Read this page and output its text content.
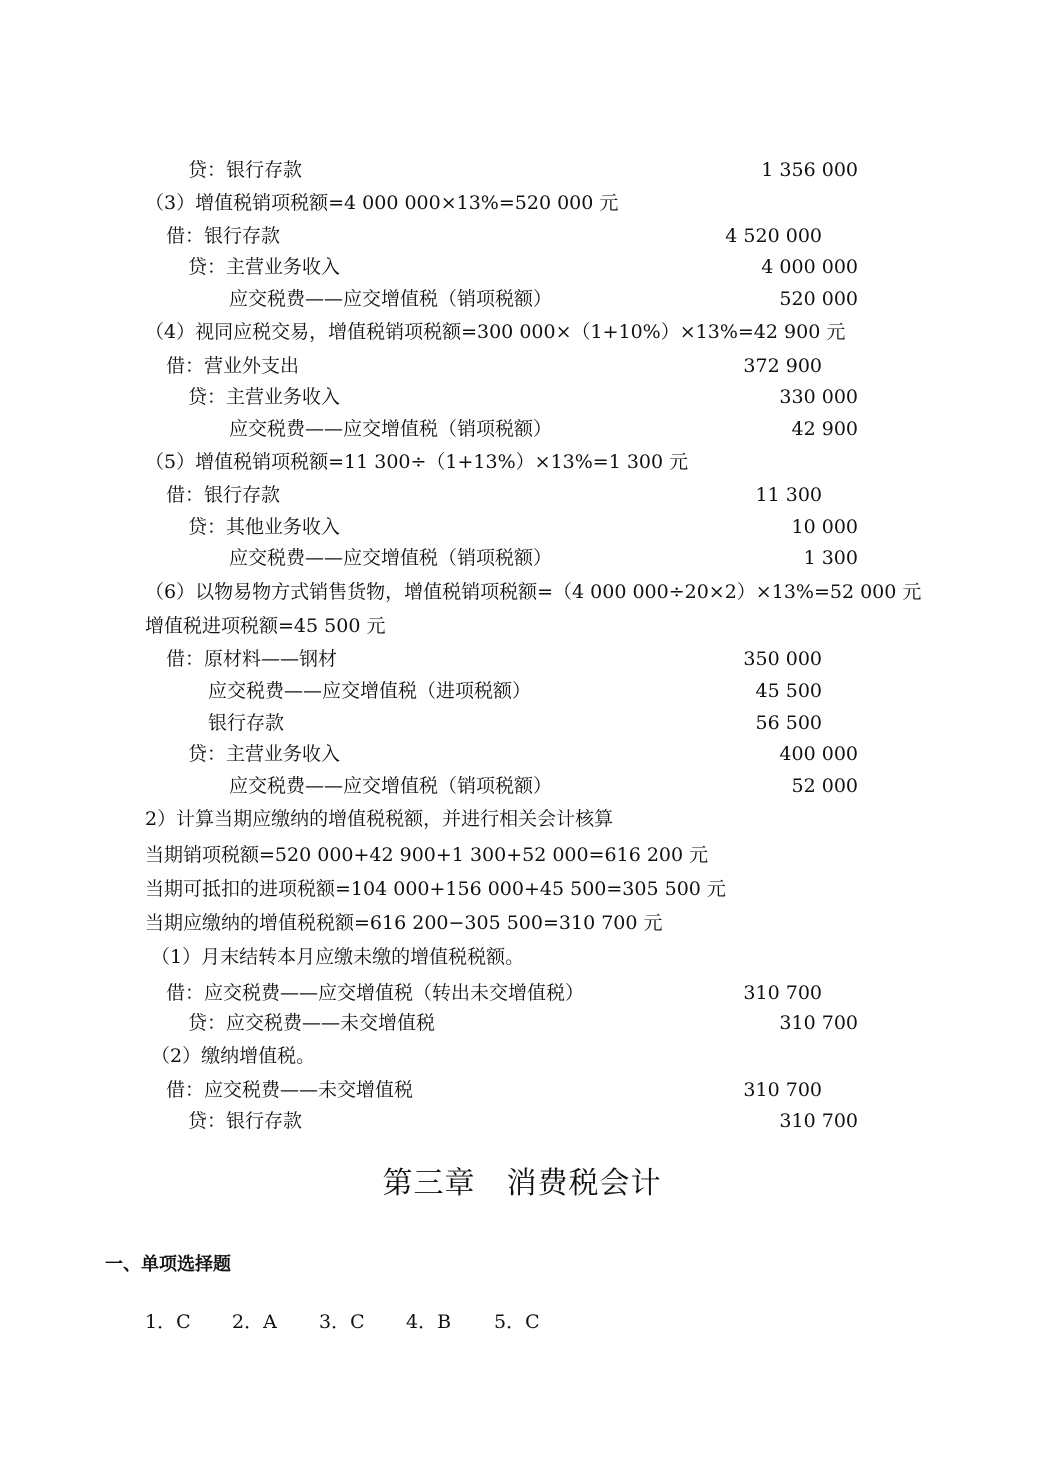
贷：银行存款
（3）增值税销项税额=4 000 000×13%=520 000 元
借：银行存款
贷：主营业务收入
应交税费——应交增值税（销项税额）
（4）视同应税交易，增值税销项税额=300 000×（1+10%）×13%=42 900 元
借：营业外支出
贷：主营业务收入
应交税费——应交增值税（销项税额）
（5）增值税销项税额=11 300÷（1+13%）×13%=1 300 元
借：银行存款
贷：其他业务收入
应交税费——应交增值税（销项税额）
（6）以物易物方式销售货物，增值税销项税额=（4 000 000÷20×2）×13%=52 000 元
增值税进项税额=45 500 元
借：原材料——钢材
应交税费——应交增值税（进项税额）
银行存款
贷：主营业务收入
应交税费——应交增值税（销项税额）
2）计算当期应缴纳的增值税税额，并进行相关会计核算
当期销项税额=520 000+42 900+1 300+52 000=616 200 元
当期可抵扣的进项税额=104 000+156 000+45 500=305 500 元
当期应缴纳的增值税税额=616 200−305 500=310 700 元
（1）月末结转本月应缴未缴的增值税税额。
借：应交税费——应交增值税（转出未交增值税）
贷：应交税费——未交增值税
（2）缴纳增值税。
借：应交税费——未交增值税
贷：银行存款
1 356 000
4 520 000
4 000 000
520 000
372 900
330 000
42 900
11 300
10 000
1 300
350 000
45 500
56 500
400 000
52 000
310 700
310 700
310 700
310 700
第三章　消费税会计
一、单项选择题
1．C 2．A 3．C 4．B 5．C
